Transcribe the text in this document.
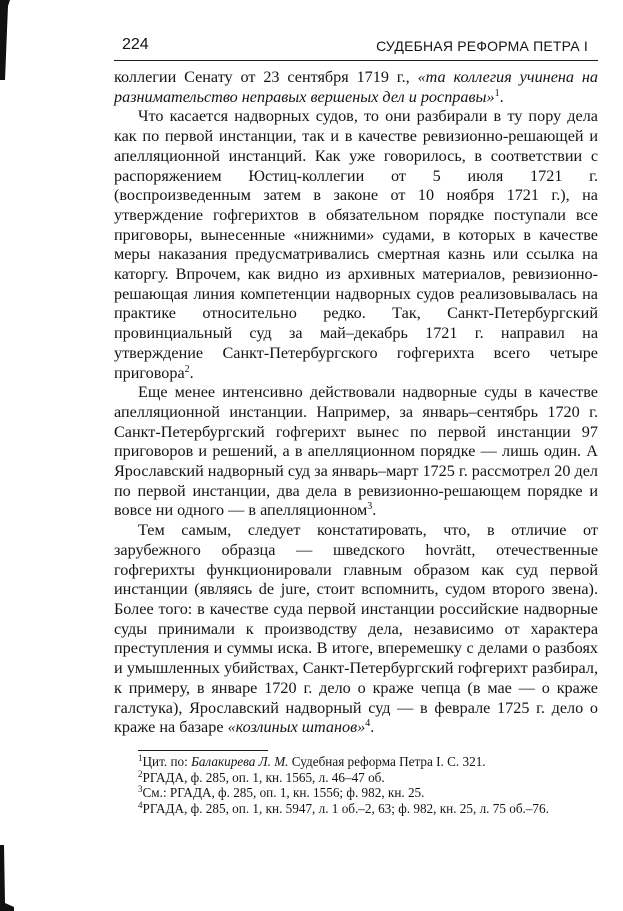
224	СУДЕБНАЯ РЕФОРМА ПЕТРА I

коллегии Сенату от 23 сентября 1719 г., «та коллегия учинена на разнимательство неправых вершеных дел и росправы»$^1$.

Что касается надворных судов, то они разбирали в ту пору дела как по первой инстанции, так и в качестве ревизионно-решающей и апелляционной инстанций. Как уже говорилось, в соответствии с распоряжением Юстиц-коллегии от 5 июля 1721 г. (воспроизведенным затем в законе от 10 ноября 1721 г.), на утверждение гофгерихтов в обязательном порядке поступали все приговоры, вынесенные «нижними» судами, в которых в качестве меры наказания предусматривались смертная казнь или ссылка на каторгу. Впрочем, как видно из архивных материалов, ревизионно-решающая линия компетенции надворных судов реализовывалась на практике относительно редко. Так, Санкт-Петербургский провинциальный суд за май–декабрь 1721 г. направил на утверждение Санкт-Петербургского гофгерихта всего четыре приговора$^2$.

Еще менее интенсивно действовали надворные суды в качестве апелляционной инстанции. Например, за январь–сентябрь 1720 г. Санкт-Петербургский гофгерихт вынес по первой инстанции 97 приговоров и решений, а в апелляционном порядке — лишь один. А Ярославский надворный суд за январь–март 1725 г. рассмотрел 20 дел по первой инстанции, два дела в ревизионно-решающем порядке и вовсе ни одного — в апелляционном$^3$.

Тем самым, следует констатировать, что, в отличие от зарубежного образца — шведского hovrätt, отечественные гофгерихты функционировали главным образом как суд первой инстанции (являясь de jure, стоит вспомнить, судом второго звена). Более того: в качестве суда первой инстанции российские надворные суды принимали к производству дела, независимо от характера преступления и суммы иска. В итоге, вперемешку с делами о разбоях и умышленных убийствах, Санкт-Петербургский гофгерихт разбирал, к примеру, в январе 1720 г. дело о краже чепца (в мае — о краже галстука), Ярославский надворный суд — в феврале 1725 г. дело о краже на базаре «козлиных штанов»$^4$.

$^1$Цит. по: Балакирева Л. М. Судебная реформа Петра I. С. 321.
$^2$РГАДА, ф. 285, оп. 1, кн. 1565, л. 46–47 об.
$^3$См.: РГАДА, ф. 285, оп. 1, кн. 1556; ф. 982, кн. 25.
$^4$РГАДА, ф. 285, оп. 1, кн. 5947, л. 1 об.–2, 63; ф. 982, кн. 25, л. 75 об.–76.
